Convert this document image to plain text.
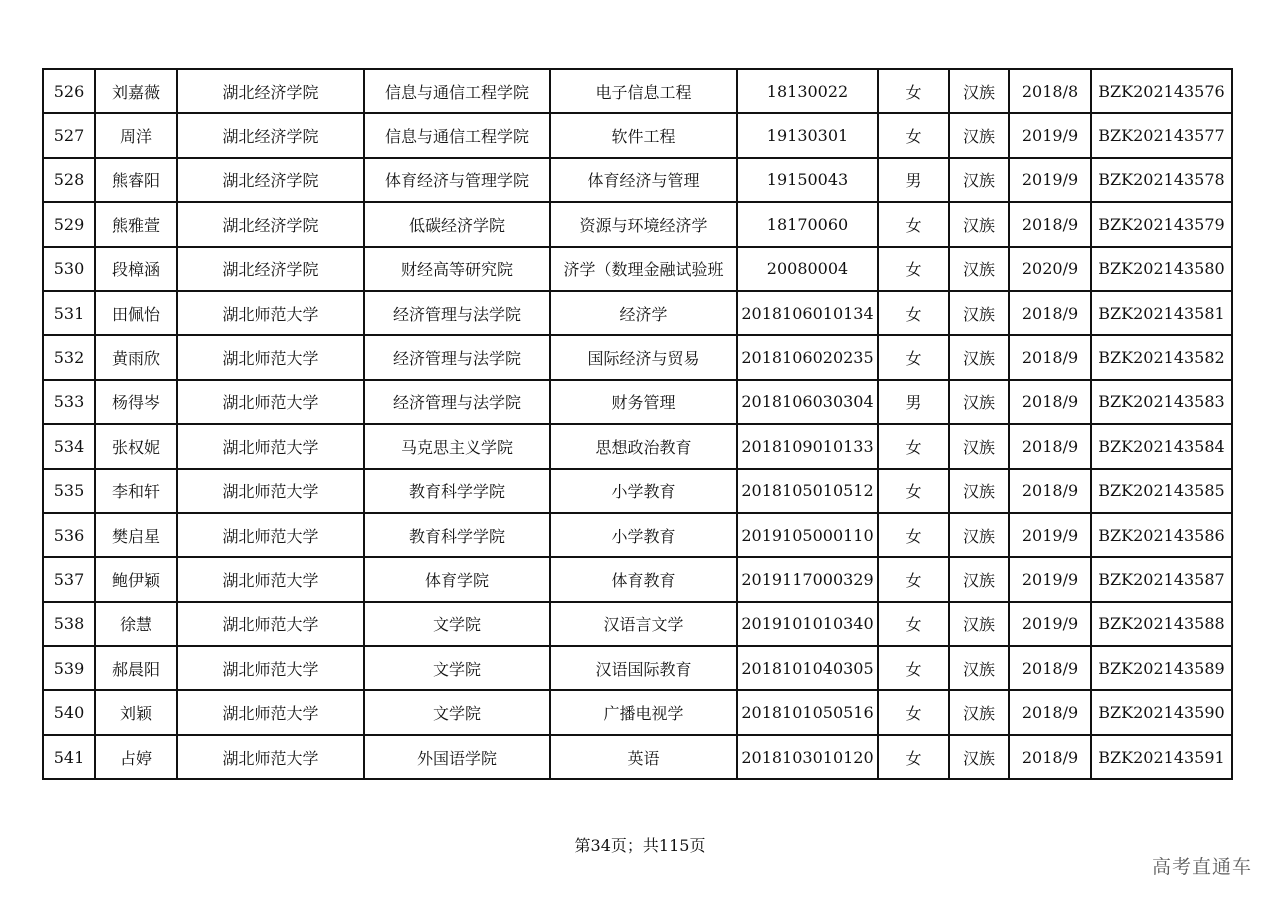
526	刘嘉薇	湖北经济学院	信息与通信工程学院	电子信息工程	18130022	女	汉族	2018/8	BZK202143576
527	周洋	湖北经济学院	信息与通信工程学院	软件工程	19130301	女	汉族	2019/9	BZK202143577
528	熊睿阳	湖北经济学院	体育经济与管理学院	体育经济与管理	19150043	男	汉族	2019/9	BZK202143578
529	熊雅萱	湖北经济学院	低碳经济学院	资源与环境经济学	18170060	女	汉族	2018/9	BZK202143579
530	段樟涵	湖北经济学院	财经高等研究院	济学（数理金融试验班	20080004	女	汉族	2020/9	BZK202143580
531	田佩怡	湖北师范大学	经济管理与法学院	经济学	2018106010134	女	汉族	2018/9	BZK202143581
532	黄雨欣	湖北师范大学	经济管理与法学院	国际经济与贸易	2018106020235	女	汉族	2018/9	BZK202143582
533	杨得岑	湖北师范大学	经济管理与法学院	财务管理	2018106030304	男	汉族	2018/9	BZK202143583
534	张权妮	湖北师范大学	马克思主义学院	思想政治教育	2018109010133	女	汉族	2018/9	BZK202143584
535	李和轩	湖北师范大学	教育科学学院	小学教育	2018105010512	女	汉族	2018/9	BZK202143585
536	樊启星	湖北师范大学	教育科学学院	小学教育	2019105000110	女	汉族	2019/9	BZK202143586
537	鲍伊颖	湖北师范大学	体育学院	体育教育	2019117000329	女	汉族	2019/9	BZK202143587
538	徐慧	湖北师范大学	文学院	汉语言文学	2019101010340	女	汉族	2019/9	BZK202143588
539	郝晨阳	湖北师范大学	文学院	汉语国际教育	2018101040305	女	汉族	2018/9	BZK202143589
540	刘颖	湖北师范大学	文学院	广播电视学	2018101050516	女	汉族	2018/9	BZK202143590
541	占婷	湖北师范大学	外国语学院	英语	2018103010120	女	汉族	2018/9	BZK202143591
第34页；共115页
高考直通车
